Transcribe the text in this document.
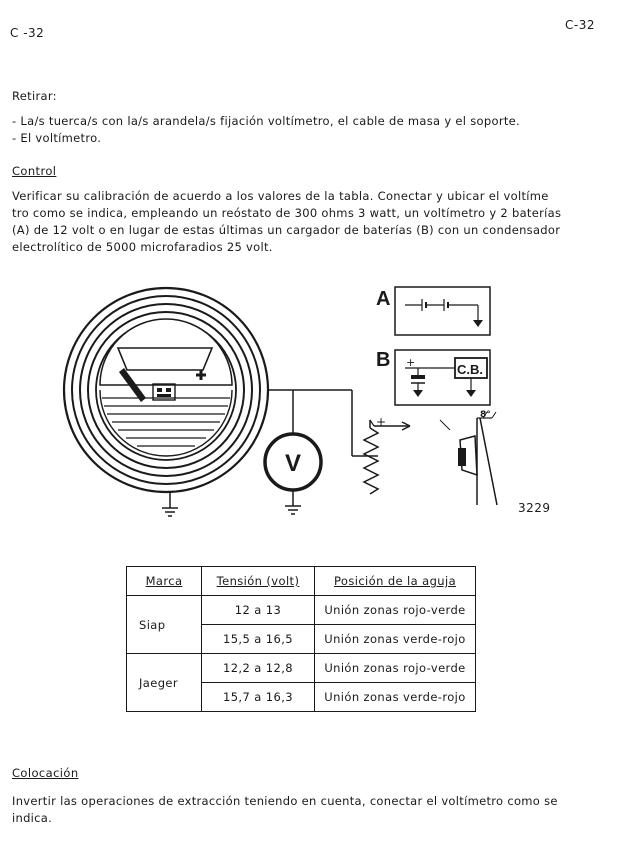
C -32
C-32
Retirar:
- La/s tuerca/s con la/s arandela/s fijación voltímetro, el cable de masa y el soporte.
- El voltímetro.
Control
Verificar su calibración de acuerdo a los valores de la tabla. Conectar y ubicar el voltíme
tro como se indica, empleando un reóstato de 300 ohms 3 watt, un voltímetro y 2 baterías
(A) de 12 volt o en lugar de estas últimas un cargador de baterías (B) con un condensador
electrolítico de 5000 microfaradios 25 volt.
A
B	C.B.
V
8°
+
+
3229
Marca	Tensión (volt)	Posición de la aguja
Siap	12 a 13	Unión zonas rojo-verde
	15,5 a 16,5	Unión zonas verde-rojo
Jaeger	12,2 a 12,8	Unión zonas rojo-verde
	15,7 a 16,3	Unión zonas verde-rojo
Colocación
Invertir las operaciones de extracción teniendo en cuenta, conectar el voltímetro como se
indica.
